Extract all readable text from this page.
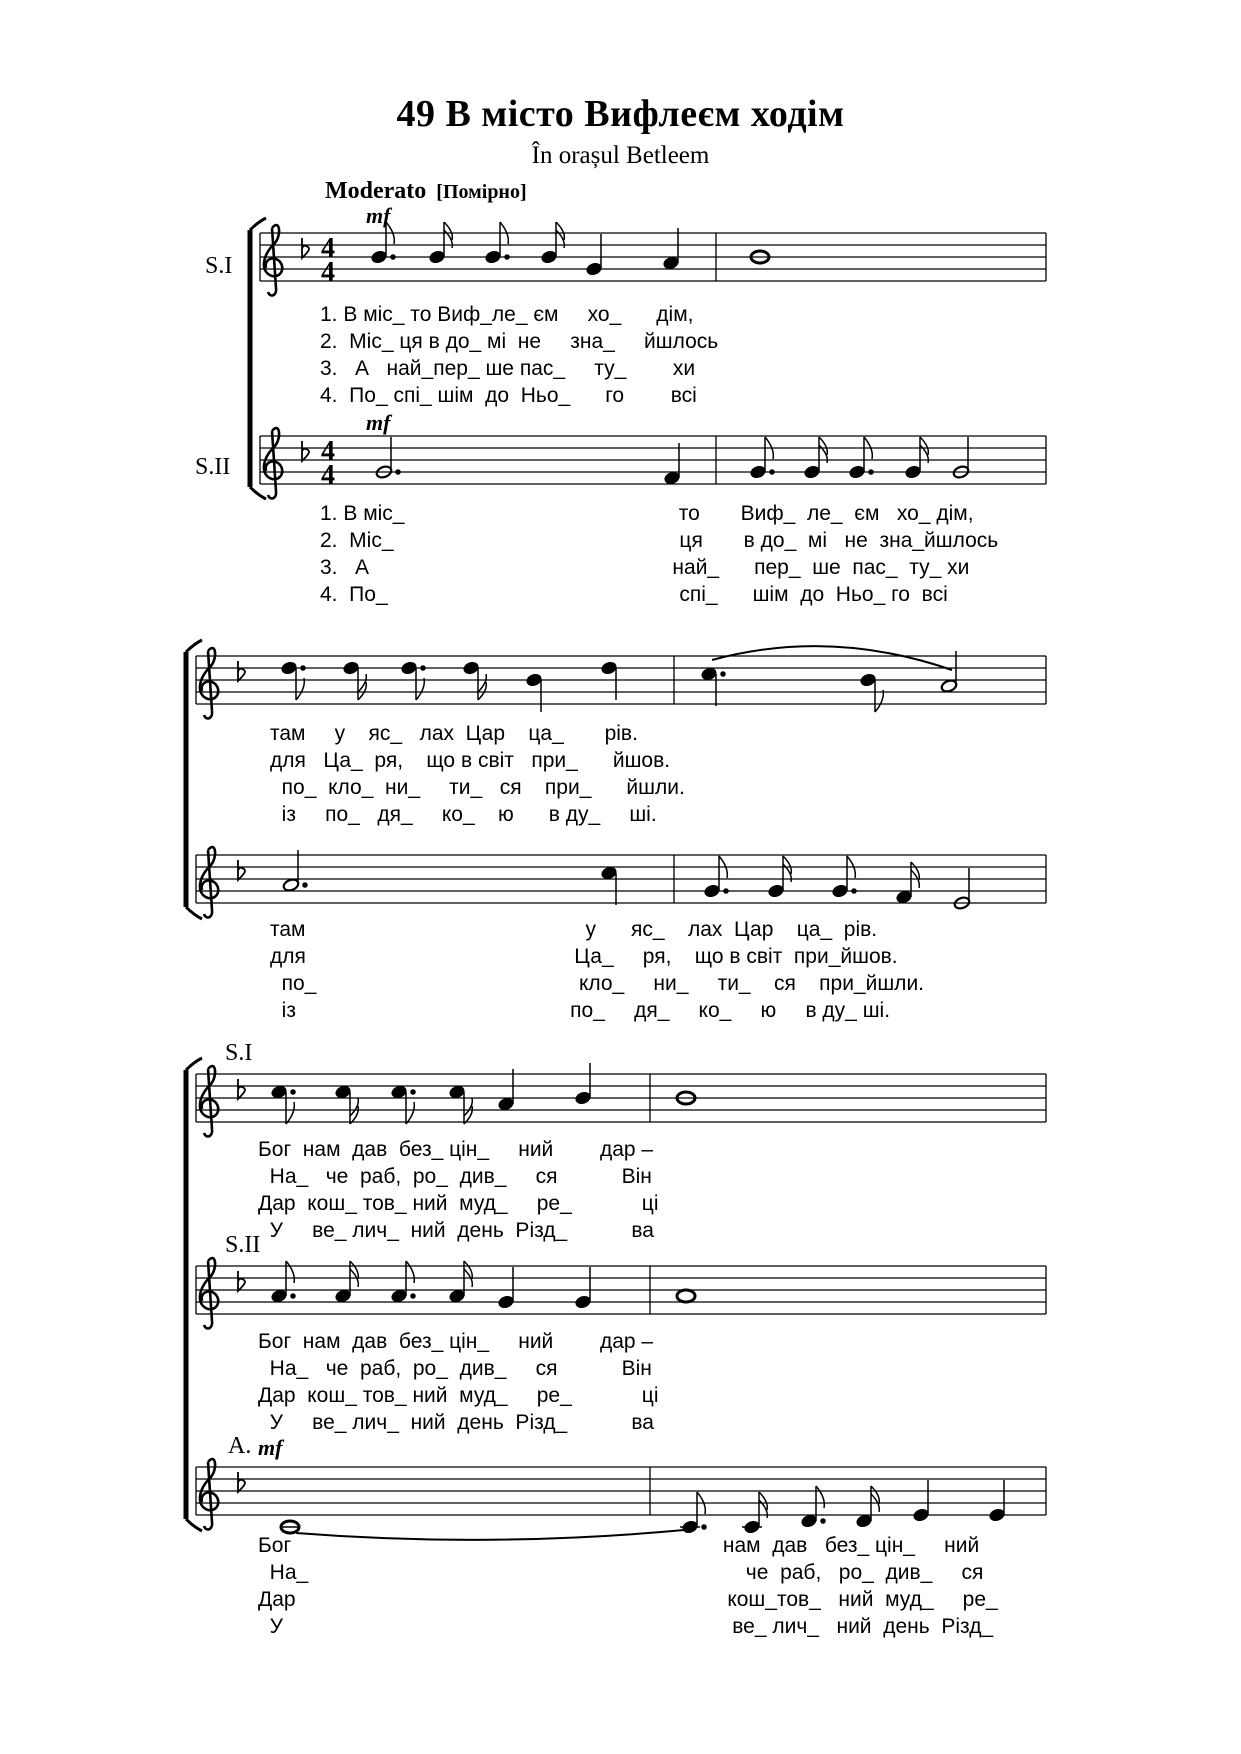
49 В місто Вифлеєм ходім
În orașul Betleem
Moderato [Помірно]
mf
mf
mf
S.I
S.II
S.I
S.II
A.
1. В міс_ то Виф_ле_ єм     хо_      дім,
2.  Міс_ ця в до_ мі  не     зна_     йшлось
3.   А   най_пер_ ше пас_     ту_        хи
4.  По_ спі_ шім  до  Ньо_      го        всі
1. В міс_                                               то       Виф_  ле_  єм   хо_ дім,
2.  Міс_                                                 ця       в до_  мі   не  зна_йшлось
3.   А                                                    най_      пер_  ше  пас_  ту_ хи
4.  По_                                                  спі_      шім  до  Ньо_ го  всі
там     у    яс_   лах  Цар    ца_       рів.
для   Ца_  ря,    що в світ   при_      йшов.
по_  кло_  ни_     ти_   ся    при_      йшли.
із     по_   дя_     ко_    ю      в ду_     ші.
там                                                у      яс_    лах  Цар    ца_  рів.
для                                              Ца_     ря,    що в світ  при_йшов.
по_                                             кло_     ни_     ти_    ся    при_йшли.
із                                               по_     дя_     ко_     ю     в ду_ ші.
Бог  нам  дав  без_ цін_     ний        дар –
На_   че  раб,  ро_  див_     ся           Він
Дар  кош_ тов_ ний  муд_     ре_            ці
У     ве_ лич_  ний  день  Різд_           ва
Бог  нам  дав  без_ цін_     ний        дар –
На_   че  раб,  ро_  див_     ся           Він
Дар  кош_ тов_ ний  муд_     ре_            ці
У     ве_ лич_  ний  день  Різд_           ва
Бог                                                                          нам  дав   без_ цін_     ний
На_                                                                           че  раб,   ро_  див_     ся
Дар                                                                          кош_тов_   ний  муд_     ре_
У                                                                             ве_ лич_   ний  день  Різд_
4
4
4
4
